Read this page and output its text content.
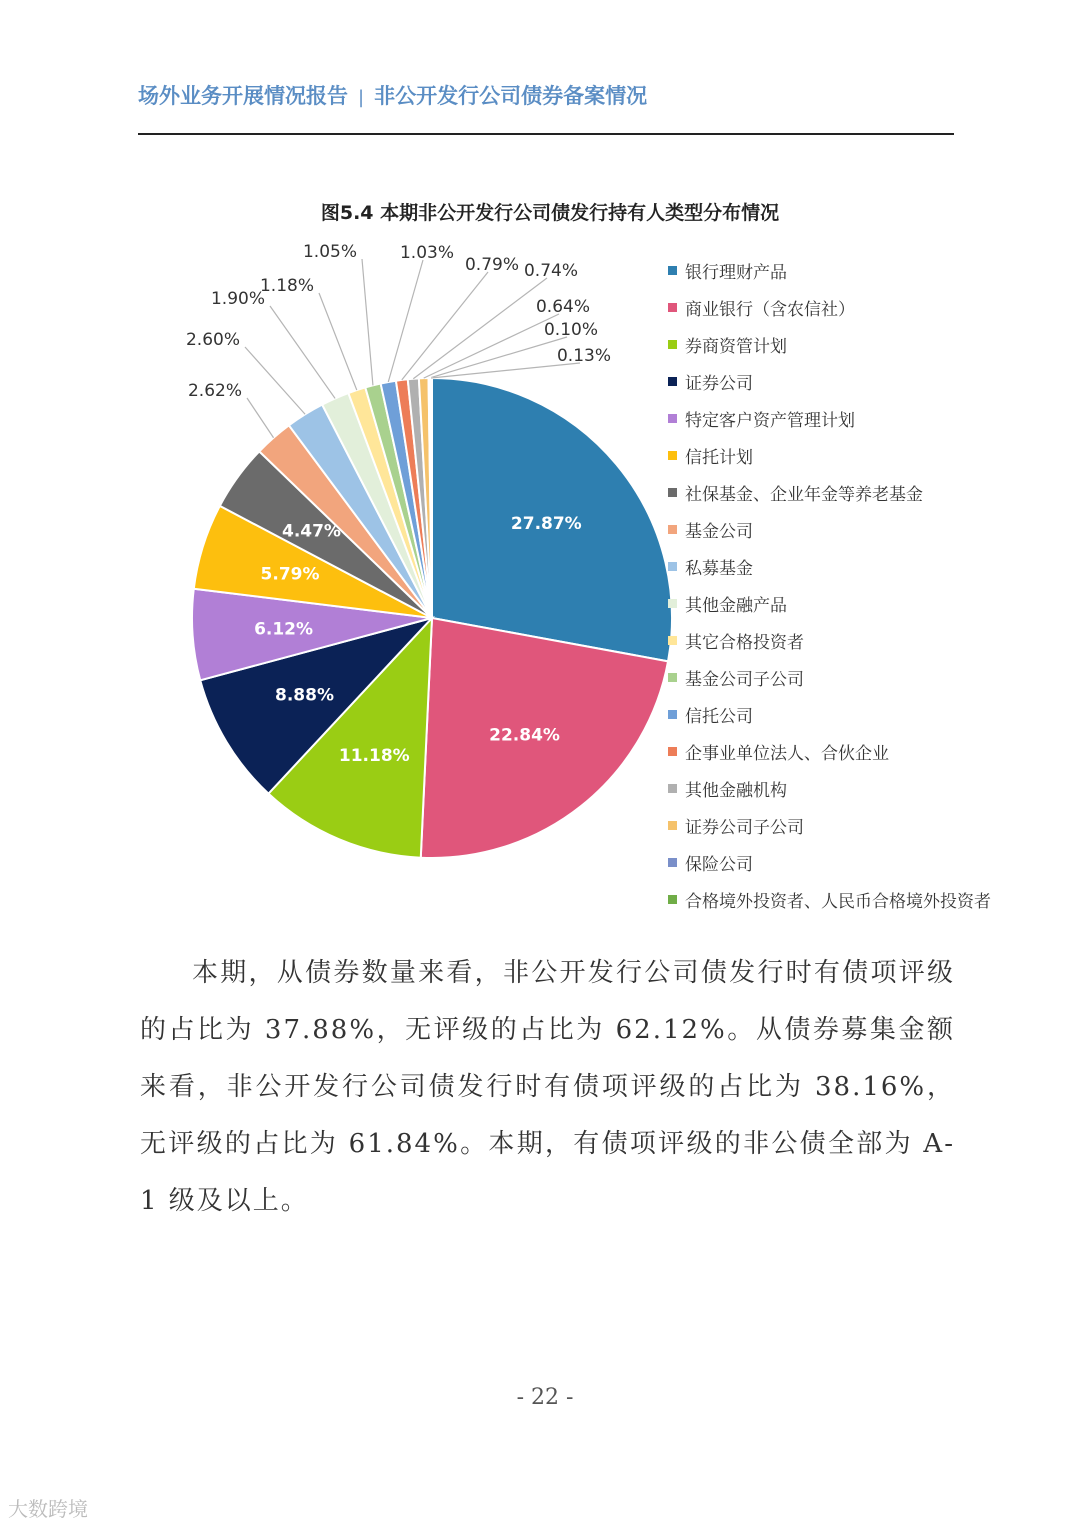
场外业务开展情况报告 | 非公开发行公司债券备案情况
图5.4 本期非公开发行公司债发行持有人类型分布情况
27.87%
22.84%
11.18%
8.88%
6.12%
5.79%
4.47%
2.62%
2.60%
1.90%
1.18%
1.05%	1.03%
0.79% 0.74%
0.64%
0.10%
0.13%
银行理财产品
商业银行（含农信社）
券商资管计划
证券公司
特定客户资产管理计划
信托计划
社保基金、企业年金等养老基金
基金公司
私募基金
其他金融产品
其它合格投资者
基金公司子公司
信托公司
企事业单位法人、合伙企业
其他金融机构
证券公司子公司
保险公司
合格境外投资者、人民币合格境外投资者

本期，从债券数量来看，非公开发行公司债发行时有债项评级的占比为 37.88%，无评级的占比为 62.12%。从债券募集金额来看，非公开发行公司债发行时有债项评级的占比为 38.16%，无评级的占比为 61.84%。本期，有债项评级的非公债全部为 A-1 级及以上。

- 22 -
大数跨境
